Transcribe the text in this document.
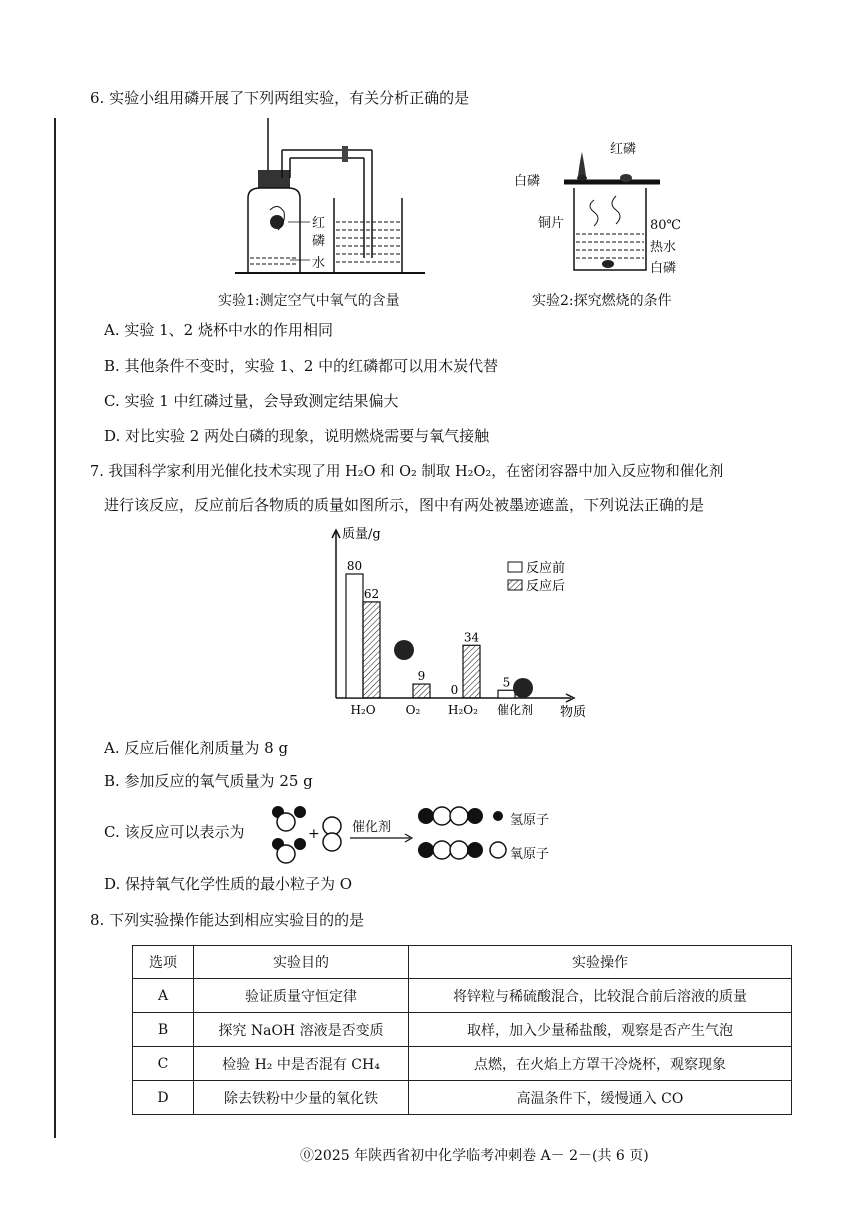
6. 实验小组用磷开展了下列两组实验，有关分析正确的是
红
磷
水
实验1:测定空气中氧气的含量
红磷
白磷
铜片	80℃
热水
白磷
实验2:探究燃烧的条件
A. 实验 1、2 烧杯中水的作用相同
B. 其他条件不变时，实验 1、2 中的红磷都可以用木炭代替
C. 实验 1 中红磷过量，会导致测定结果偏大
D. 对比实验 2 两处白磷的现象，说明燃烧需要与氧气接触
7. 我国科学家利用光催化技术实现了用 H₂O 和 O₂ 制取 H₂O₂，在密闭容器中加入反应物和催化剂
进行该反应，反应前后各物质的质量如图所示，图中有两处被墨迹遮盖，下列说法正确的是
质量/g
物质
80
62
H₂O
9
O₂
0
34
H₂O₂
5
催化剂
反应前
反应后
A. 反应后催化剂质量为 8 g
B. 参加反应的氧气质量为 25 g
C. 该反应可以表示为	+ 催化剂	氢原子
氧原子
D. 保持氧气化学性质的最小粒子为 O
8. 下列实验操作能达到相应实验目的的是
选项	实验目的	实验操作
A	验证质量守恒定律	将锌粒与稀硫酸混合，比较混合前后溶液的质量
B	探究 NaOH 溶液是否变质	取样，加入少量稀盐酸，观察是否产生气泡
C	检验 H₂ 中是否混有 CH₄	点燃，在火焰上方罩干冷烧杯，观察现象
D	除去铁粉中少量的氧化铁	高温条件下，缓慢通入 CO
⓪2025 年陕西省初中化学临考冲刺卷 A－ 2－(共 6 页)
